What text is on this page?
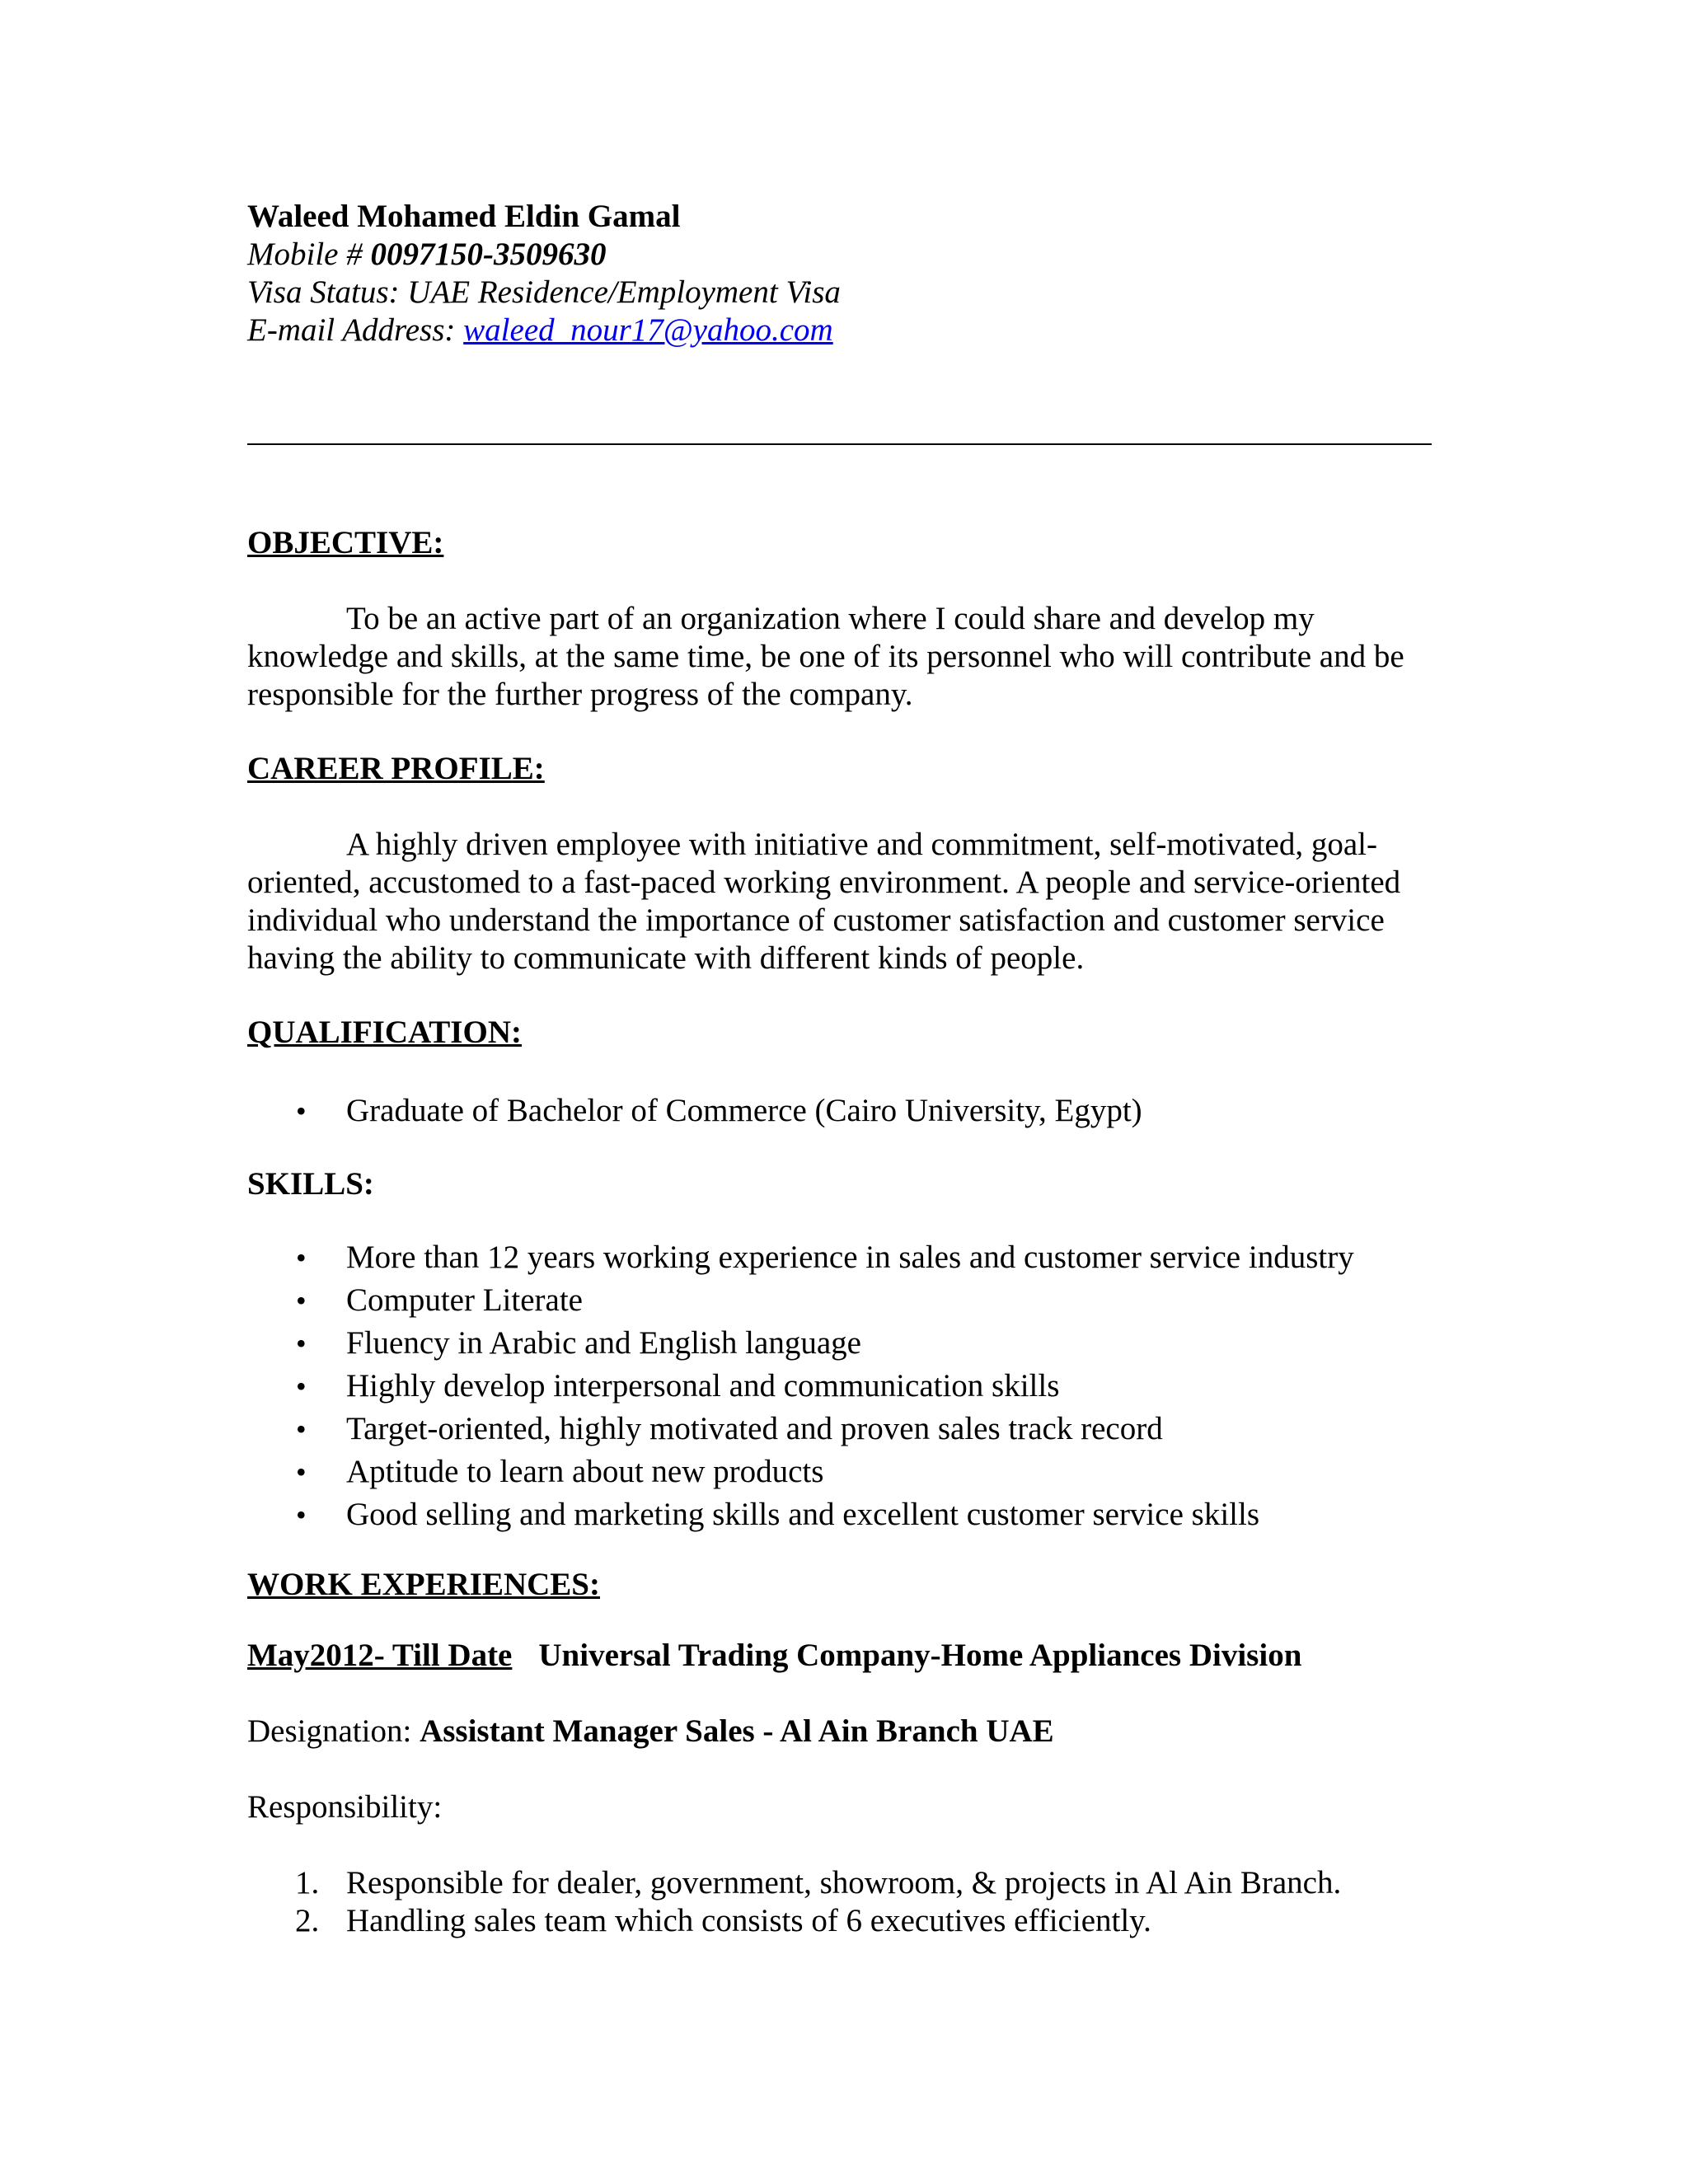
Waleed Mohamed Eldin Gamal
Mobile # 0097150-3509630
Visa Status: UAE Residence/Employment Visa
E-mail Address: waleed_nour17@yahoo.com
OBJECTIVE:

To be an active part of an organization where I could share and develop my knowledge and skills, at the same time, be one of its personnel who will contribute and be responsible for the further progress of the company.

CAREER PROFILE:

A highly driven employee with initiative and commitment, self-motivated, goal-oriented, accustomed to a fast-paced working environment. A people and service-oriented individual who understand the importance of customer satisfaction and customer service having the ability to communicate with different kinds of people.

QUALIFICATION:
• Graduate of Bachelor of Commerce (Cairo University, Egypt)
SKILLS:
• More than 12 years working experience in sales and customer service industry
• Computer Literate
• Fluency in Arabic and English language
• Highly develop interpersonal and communication skills
• Target-oriented, highly motivated and proven sales track record
• Aptitude to learn about new products
• Good selling and marketing skills and excellent customer service skills
WORK EXPERIENCES:
May2012- Till Date Universal Trading Company-Home Appliances Division
Designation: Assistant Manager Sales - Al Ain Branch UAE
Responsibility:
1. Responsible for dealer, government, showroom, & projects in Al Ain Branch.
2. Handling sales team which consists of 6 executives efficiently.
